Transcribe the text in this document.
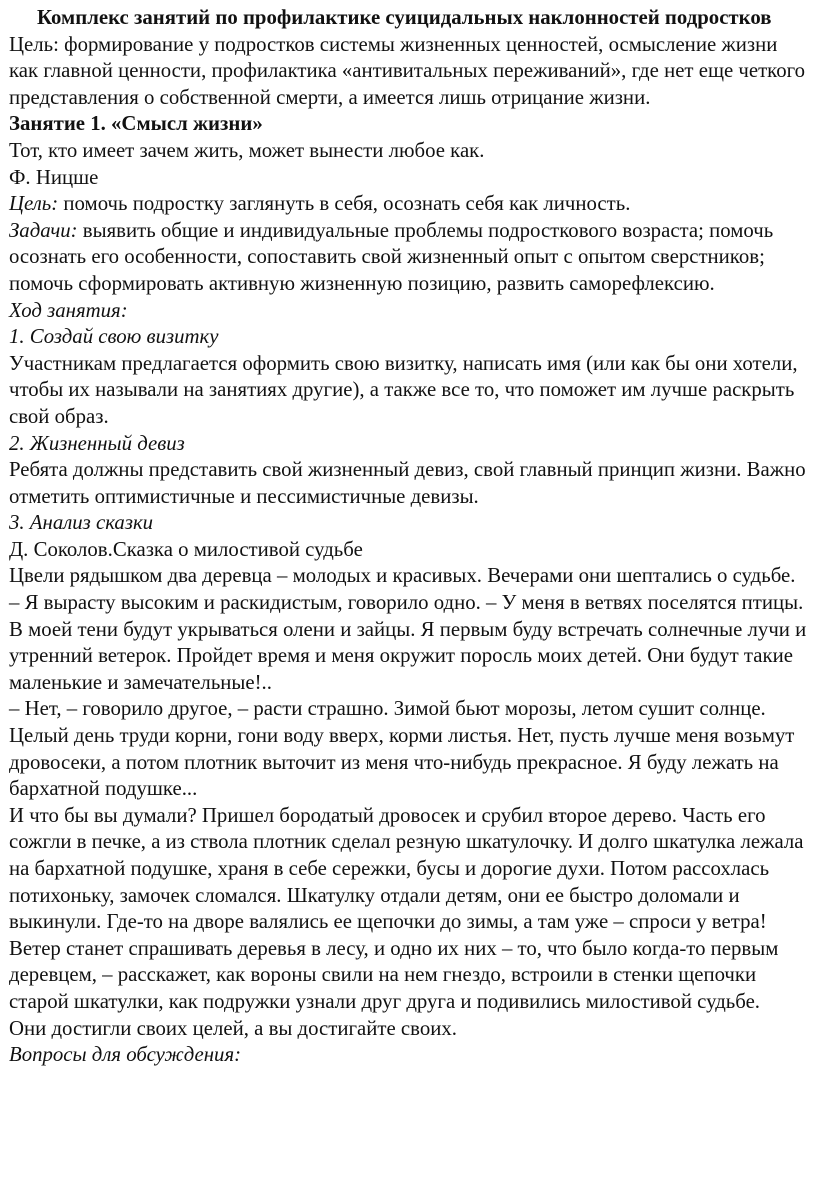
Комплекс занятий по профилактике суицидальных наклонностей подростков

Цель: формирование у подростков системы жизненных ценностей, осмысление жизни как главной ценности, профилактика «антивитальных переживаний», где нет еще четкого представления о собственной смерти, а имеется лишь отрицание жизни.

Занятие 1. «Смысл жизни»

Тот, кто имеет зачем жить, может вынести любое как.

Ф. Ницше

Цель: помочь подростку заглянуть в себя, осознать себя как личность.

Задачи: выявить общие и индивидуальные проблемы подросткового возраста; помочь осознать его особенности, сопоставить свой жизненный опыт с опытом сверстников; помочь сформировать активную жизненную позицию, развить саморефлексию.

Ход занятия:

1. Создай свою визитку

Участникам предлагается оформить свою визитку, написать имя (или как бы они хотели, чтобы их называли на занятиях другие), а также все то, что поможет им лучше раскрыть свой образ.

2. Жизненный девиз

Ребята должны представить свой жизненный девиз, свой главный принцип жизни. Важно отметить оптимистичные и пессимистичные девизы.

3. Анализ сказки

Д. Соколов.Сказка о милостивой судьбе

Цвели рядышком два деревца – молодых и красивых. Вечерами они шептались о судьбе.

– Я вырасту высоким и раскидистым, говорило одно. – У меня в ветвях поселятся птицы. В моей тени будут укрываться олени и зайцы. Я первым буду встречать солнечные лучи и утренний ветерок. Пройдет время и меня окружит поросль моих детей. Они будут такие маленькие и замечательные!..

– Нет, – говорило другое, – расти страшно. Зимой бьют морозы, летом сушит солнце. Целый день труди корни, гони воду вверх, корми листья. Нет, пусть лучше меня возьмут дровосеки, а потом плотник выточит из меня что-нибудь прекрасное. Я буду лежать на бархатной подушке...

И что бы вы думали? Пришел бородатый дровосек и срубил второе дерево. Часть его сожгли в печке, а из ствола плотник сделал резную шкатулочку. И долго шкатулка лежала на бархатной подушке, храня в себе сережки, бусы и дорогие духи. Потом рассохлась потихоньку, замочек сломался. Шкатулку отдали детям, они ее быстро доломали и выкинули. Где-то на дворе валялись ее щепочки до зимы, а там уже – спроси у ветра! Ветер станет спрашивать деревья в лесу, и одно их них – то, что было когда-то первым деревцем, – расскажет, как вороны свили на нем гнездо, встроили в стенки щепочки старой шкатулки, как подружки узнали друг друга и подивились милостивой судьбе.

Они достигли своих целей, а вы достигайте своих.

Вопросы для обсуждения:
